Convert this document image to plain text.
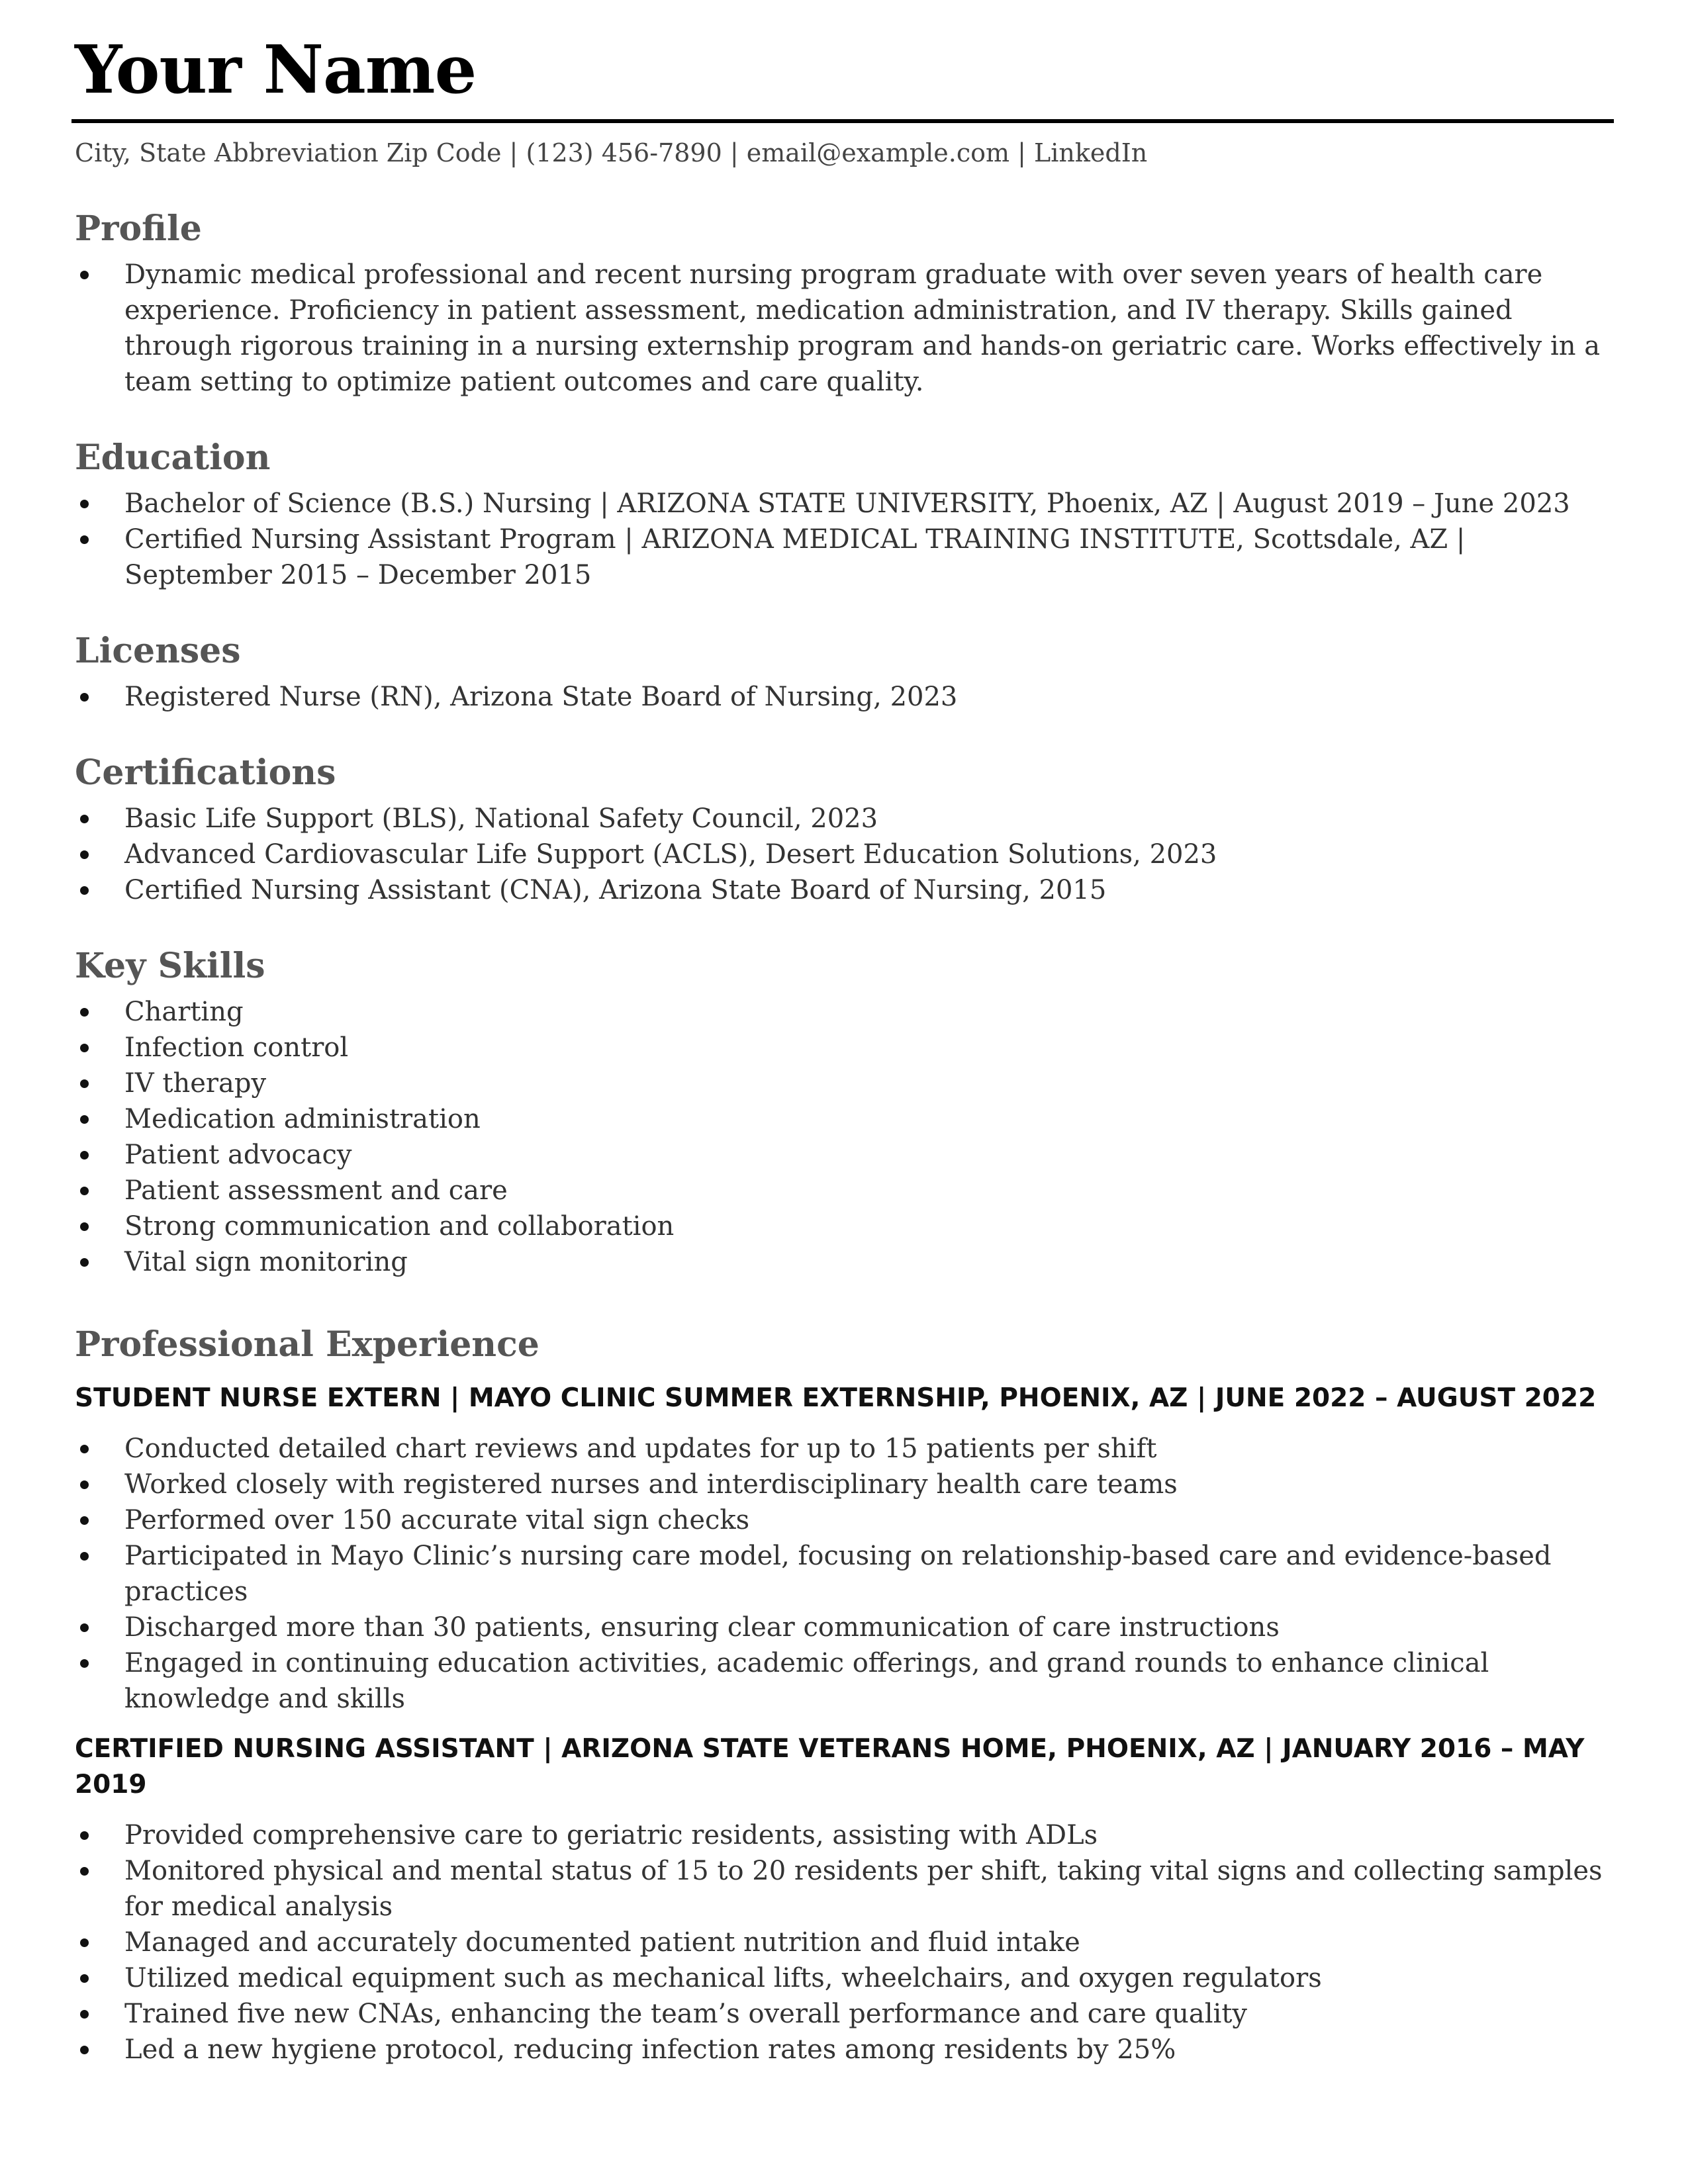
Your Name
City, State Abbreviation Zip Code | (123) 456-7890 | email@example.com | LinkedIn
Profile
Dynamic medical professional and recent nursing program graduate with over seven years of health care experience. Proficiency in patient assessment, medication administration, and IV therapy. Skills gained through rigorous training in a nursing externship program and hands-on geriatric care. Works effectively in a team setting to optimize patient outcomes and care quality.
Education
Bachelor of Science (B.S.) Nursing | ARIZONA STATE UNIVERSITY, Phoenix, AZ | August 2019 – June 2023
Certified Nursing Assistant Program | ARIZONA MEDICAL TRAINING INSTITUTE, Scottsdale, AZ | September 2015 – December 2015
Licenses
Registered Nurse (RN), Arizona State Board of Nursing, 2023
Certifications
Basic Life Support (BLS), National Safety Council, 2023
Advanced Cardiovascular Life Support (ACLS), Desert Education Solutions, 2023
Certified Nursing Assistant (CNA), Arizona State Board of Nursing, 2015
Key Skills
Charting
Infection control
IV therapy
Medication administration
Patient advocacy
Patient assessment and care
Strong communication and collaboration
Vital sign monitoring
Professional Experience
STUDENT NURSE EXTERN | MAYO CLINIC SUMMER EXTERNSHIP, PHOENIX, AZ | JUNE 2022 – AUGUST 2022
Conducted detailed chart reviews and updates for up to 15 patients per shift
Worked closely with registered nurses and interdisciplinary health care teams
Performed over 150 accurate vital sign checks
Participated in Mayo Clinic’s nursing care model, focusing on relationship-based care and evidence-based practices
Discharged more than 30 patients, ensuring clear communication of care instructions
Engaged in continuing education activities, academic offerings, and grand rounds to enhance clinical knowledge and skills
CERTIFIED NURSING ASSISTANT | ARIZONA STATE VETERANS HOME, PHOENIX, AZ | JANUARY 2016 – MAY 2019
Provided comprehensive care to geriatric residents, assisting with ADLs
Monitored physical and mental status of 15 to 20 residents per shift, taking vital signs and collecting samples for medical analysis
Managed and accurately documented patient nutrition and fluid intake
Utilized medical equipment such as mechanical lifts, wheelchairs, and oxygen regulators
Trained five new CNAs, enhancing the team’s overall performance and care quality
Led a new hygiene protocol, reducing infection rates among residents by 25%
